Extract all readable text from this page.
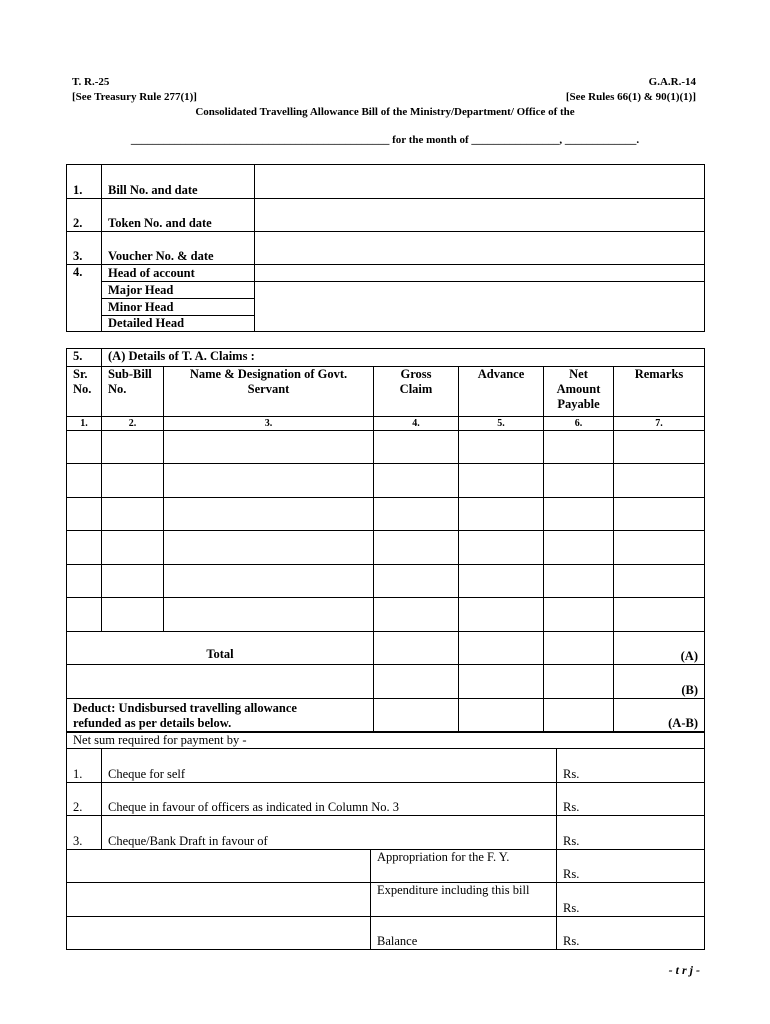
T. R.-25	G.A.R.-14
[See Treasury Rule 277(1)]	[See Rules 66(1) & 90(1)(1)]
Consolidated Travelling Allowance Bill of the Ministry/Department/ Office of the
_______________________________________________ for the month of ________________, _____________.
1.	Bill No. and date	
2.	Token No. and date	
3.	Voucher No. & date	
4.	Head of account	
	Major Head	
	Minor Head	
	Detailed Head	
5.	(A) Details of T. A. Claims :					
Sr. No.	Sub-Bill No.	Name & Designation of Govt. Servant	Gross Claim	Advance	Net Amount Payable	Remarks
1.	2.	3.	4.	5.	6.	7.

Total						(A)
						(B)

Deduct: Undisbursed travelling allowance
refunded as per details below.						(A-B)
Net sum required for payment by -		
1.	Cheque for self	Rs.
2.	Cheque in favour of officers as indicated in Column No. 3	Rs.
3.	Cheque/Bank Draft in favour of	Rs.
	Appropriation for the F. Y.	Rs.
	Expenditure including this bill	Rs.
	Balance	Rs.
- t r j -
